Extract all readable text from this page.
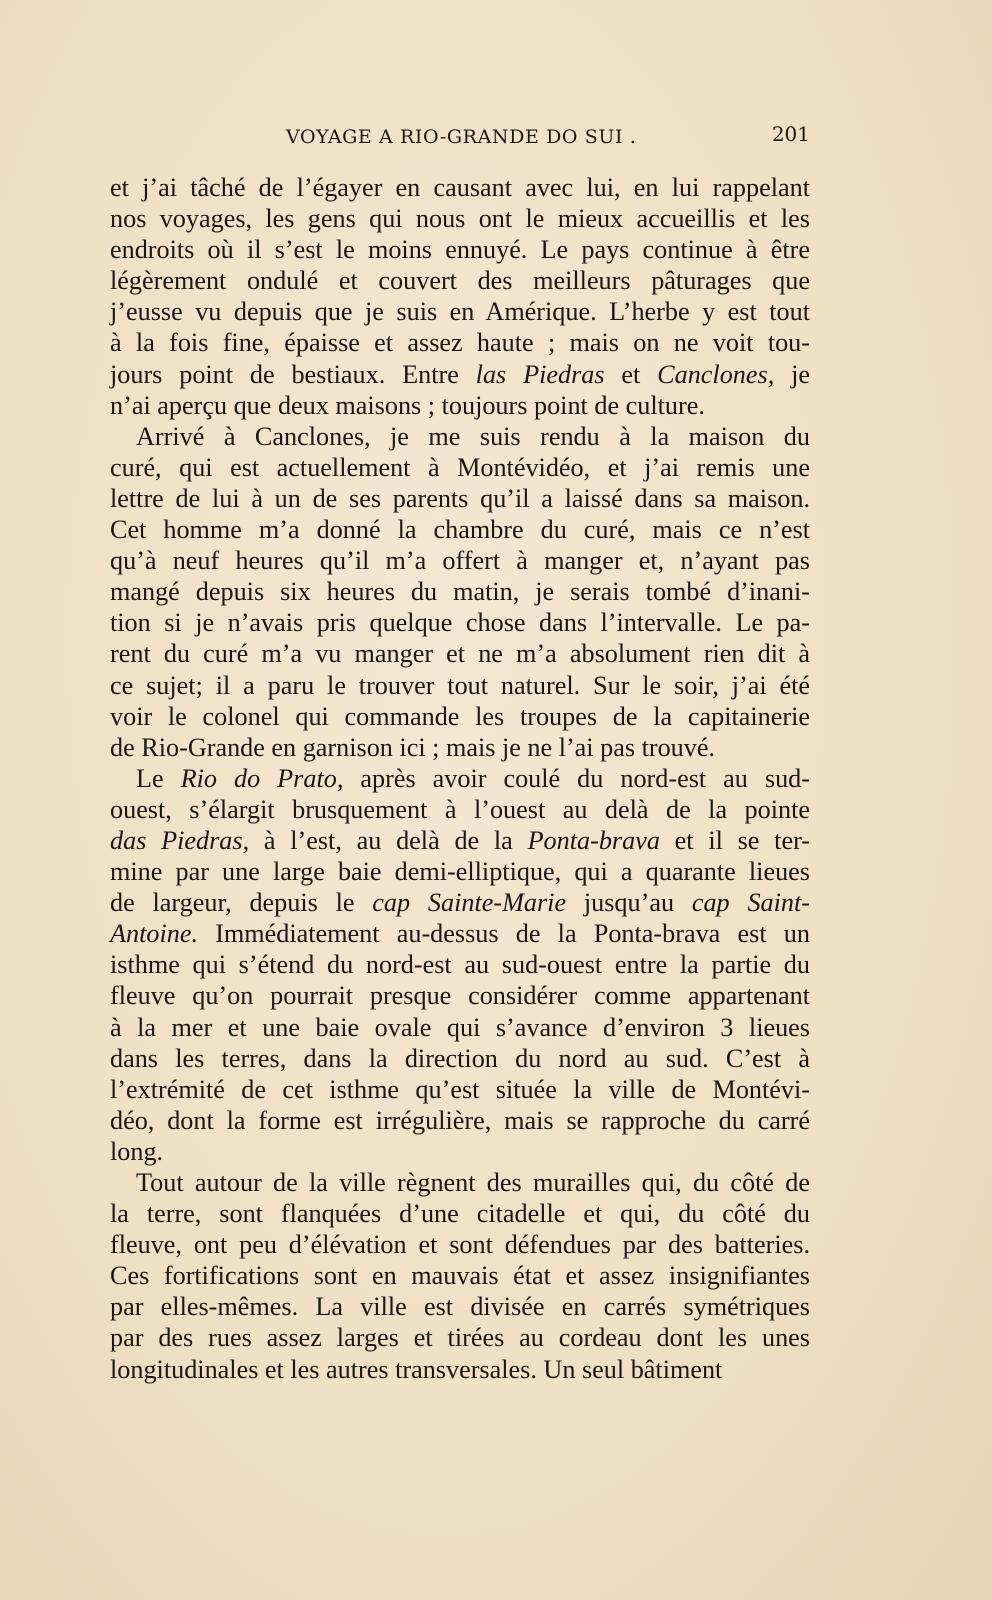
VOYAGE A RIO-GRANDE DO SUI .	201
et j’ai tâché de l’égayer en causant avec lui, en lui rappelant
nos voyages, les gens qui nous ont le mieux accueillis et les
endroits où il s’est le moins ennuyé. Le pays continue à être
légèrement ondulé et couvert des meilleurs pâturages que
j’eusse vu depuis que je suis en Amérique. L’herbe y est tout
à la fois fine, épaisse et assez haute ; mais on ne voit tou-
jours point de bestiaux. Entre las Piedras et Canclones, je
n’ai aperçu que deux maisons ; toujours point de culture.
Arrivé à Canclones, je me suis rendu à la maison du
curé, qui est actuellement à Montévidéo, et j’ai remis une
lettre de lui à un de ses parents qu’il a laissé dans sa maison.
Cet homme m’a donné la chambre du curé, mais ce n’est
qu’à neuf heures qu’il m’a offert à manger et, n’ayant pas
mangé depuis six heures du matin, je serais tombé d’inani-
tion si je n’avais pris quelque chose dans l’intervalle. Le pa-
rent du curé m’a vu manger et ne m’a absolument rien dit à
ce sujet; il a paru le trouver tout naturel. Sur le soir, j’ai été
voir le colonel qui commande les troupes de la capitainerie
de Rio-Grande en garnison ici ; mais je ne l’ai pas trouvé.
Le Rio do Prato, après avoir coulé du nord-est au sud-
ouest, s’élargit brusquement à l’ouest au delà de la pointe
das Piedras, à l’est, au delà de la Ponta-brava et il se ter-
mine par une large baie demi-elliptique, qui a quarante lieues
de largeur, depuis le cap Sainte-Marie jusqu’au cap Saint-
Antoine. Immédiatement au-dessus de la Ponta-brava est un
isthme qui s’étend du nord-est au sud-ouest entre la partie du
fleuve qu’on pourrait presque considérer comme appartenant
à la mer et une baie ovale qui s’avance d’environ 3 lieues
dans les terres, dans la direction du nord au sud. C’est à
l’extrémité de cet isthme qu’est située la ville de Montévi-
déo, dont la forme est irrégulière, mais se rapproche du carré
long.
Tout autour de la ville règnent des murailles qui, du côté de
la terre, sont flanquées d’une citadelle et qui, du côté du
fleuve, ont peu d’élévation et sont défendues par des batteries.
Ces fortifications sont en mauvais état et assez insignifiantes
par elles-mêmes. La ville est divisée en carrés symétriques
par des rues assez larges et tirées au cordeau dont les unes
longitudinales et les autres transversales. Un seul bâtiment
